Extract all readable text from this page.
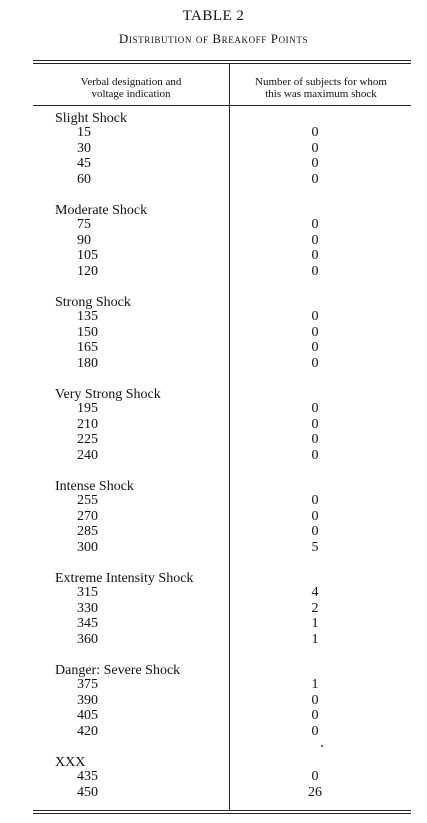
TABLE 2
Distribution of Breakoff Points
Verbal designation and
voltage indication
Number of subjects for whom
this was maximum shock
Slight Shock
15	0
30	0
45	0
60	0
Moderate Shock
75	0
90	0
105	0
120	0
Strong Shock
135	0
150	0
165	0
180	0
Very Strong Shock
195	0
210	0
225	0
240	0
Intense Shock
255	0
270	0
285	0
300	5
Extreme Intensity Shock
315	4
330	2
345	1
360	1
Danger: Severe Shock
375	1
390	0
405	0
420	0
XXX
435	0
450	26
